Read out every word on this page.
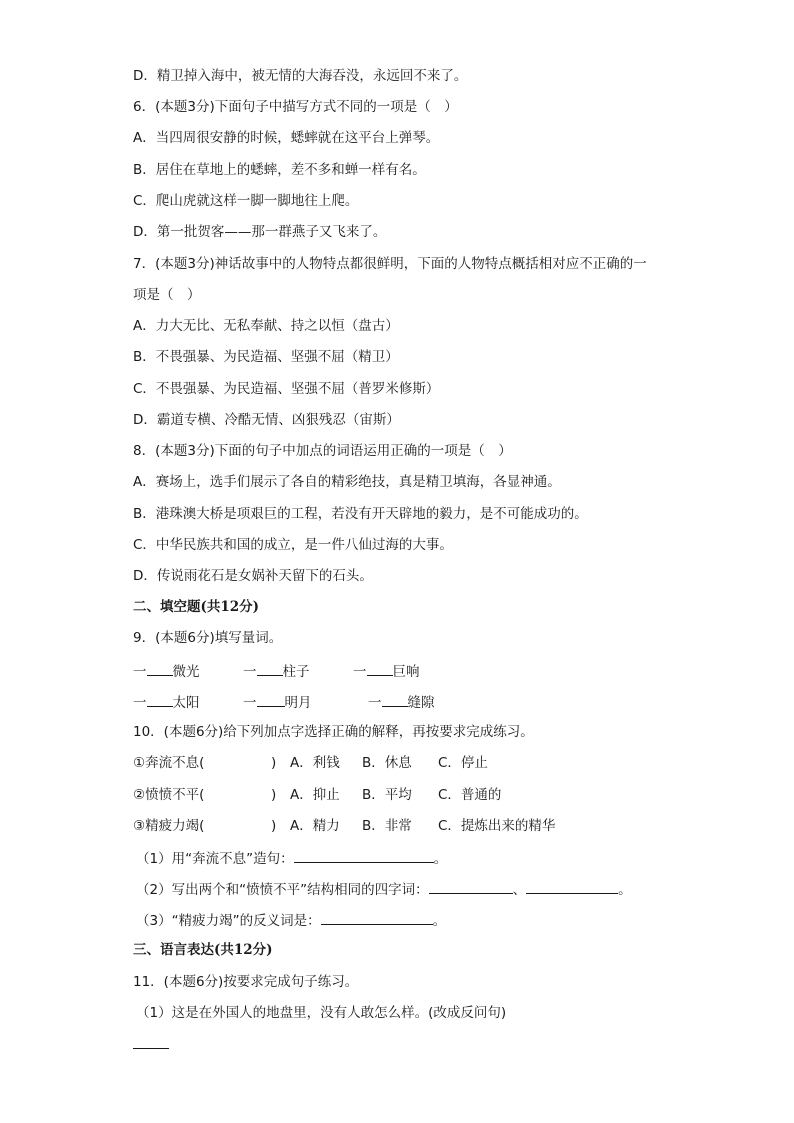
D．精卫掉入海中，被无情的大海吞没，永远回不来了。
6．(本题3分)下面句子中描写方式不同的一项是（　）
A．当四周很安静的时候，蟋蟀就在这平台上弹琴。
B．居住在草地上的蟋蟀，差不多和蝉一样有名。
C．爬山虎就这样一脚一脚地往上爬。
D．第一批贺客——那一群燕子又飞来了。
7．(本题3分)神话故事中的人物特点都很鲜明，下面的人物特点概括相对应不正确的一
项是（　）
A．力大无比、无私奉献、持之以恒（盘古）
B．不畏强暴、为民造福、坚强不屈（精卫）
C．不畏强暴、为民造福、坚强不屈（普罗米修斯）
D．霸道专横、冷酷无情、凶狠残忍（宙斯）
8．(本题3分)下面的句子中加点的词语运用正确的一项是（　）
A．赛场上，选手们展示了各自的精彩绝技，真是精卫填海，各显神通。
B．港珠澳大桥是项艰巨的工程，若没有开天辟地的毅力，是不可能成功的。
C．中华民族共和国的成立，是一件八仙过海的大事。
D．传说雨花石是女娲补天留下的石头。
二、填空题(共12分)
9．(本题6分)填写量词。
一 微光	一 柱子	一 巨响
一 太阳	一 明月	一 缝隙
10．(本题6分)给下列加点字选择正确的解释，再按要求完成练习。
①奔流不息(	) A．利钱 B．休息 C．停止
②愤愤不平(	) A．抑止 B．平均 C．普通的
③精疲力竭(	) A．精力 B．非常 C．提炼出来的精华
（1）用“奔流不息”造句：	。
（2）写出两个和“愤愤不平”结构相同的四字词：	、	。
（3）“精疲力竭”的反义词是：	。
三、语言表达(共12分)
11．(本题6分)按要求完成句子练习。
（1）这是在外国人的地盘里，没有人敢怎么样。(改成反问句)
